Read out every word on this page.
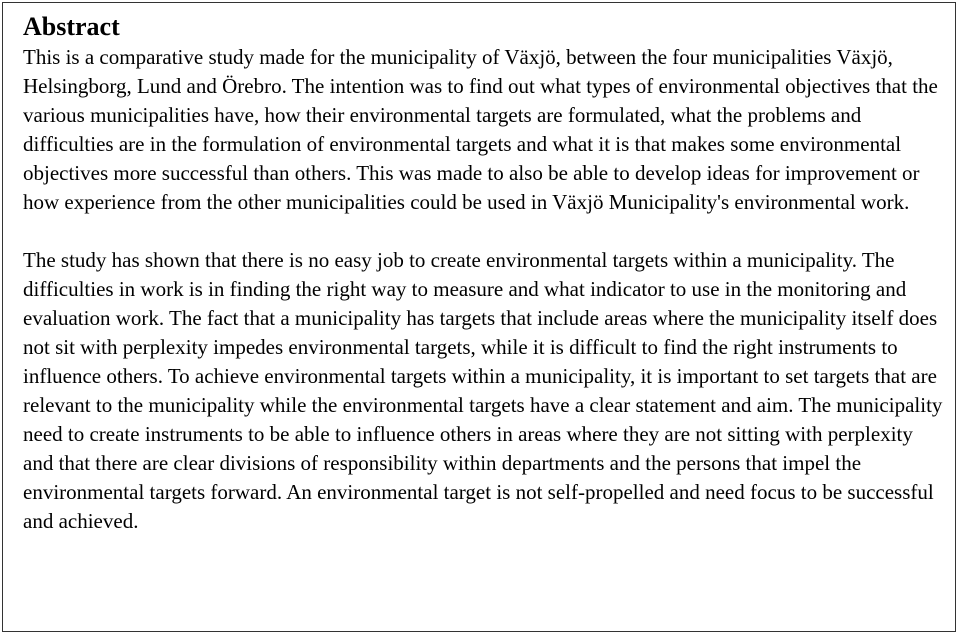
Abstract

This is a comparative study made for the municipality of Växjö, between the four municipalities Växjö, Helsingborg, Lund and Örebro. The intention was to find out what types of environmental objectives that the various municipalities have, how their environmental targets are formulated, what the problems and difficulties are in the formulation of environmental targets and what it is that makes some environmental objectives more successful than others. This was made to also be able to develop ideas for improvement or how experience from the other municipalities could be used in Växjö Municipality's environmental work.

The study has shown that there is no easy job to create environmental targets within a municipality. The difficulties in work is in finding the right way to measure and what indicator to use in the monitoring and evaluation work. The fact that a municipality has targets that include areas where the municipality itself does not sit with perplexity impedes environmental targets, while it is difficult to find the right instruments to influence others. To achieve environmental targets within a municipality, it is important to set targets that are relevant to the municipality while the environmental targets have a clear statement and aim. The municipality need to create instruments to be able to influence others in areas where they are not sitting with perplexity and that there are clear divisions of responsibility within departments and the persons that impel the environmental targets forward. An environmental target is not self-propelled and need focus to be successful and achieved.
